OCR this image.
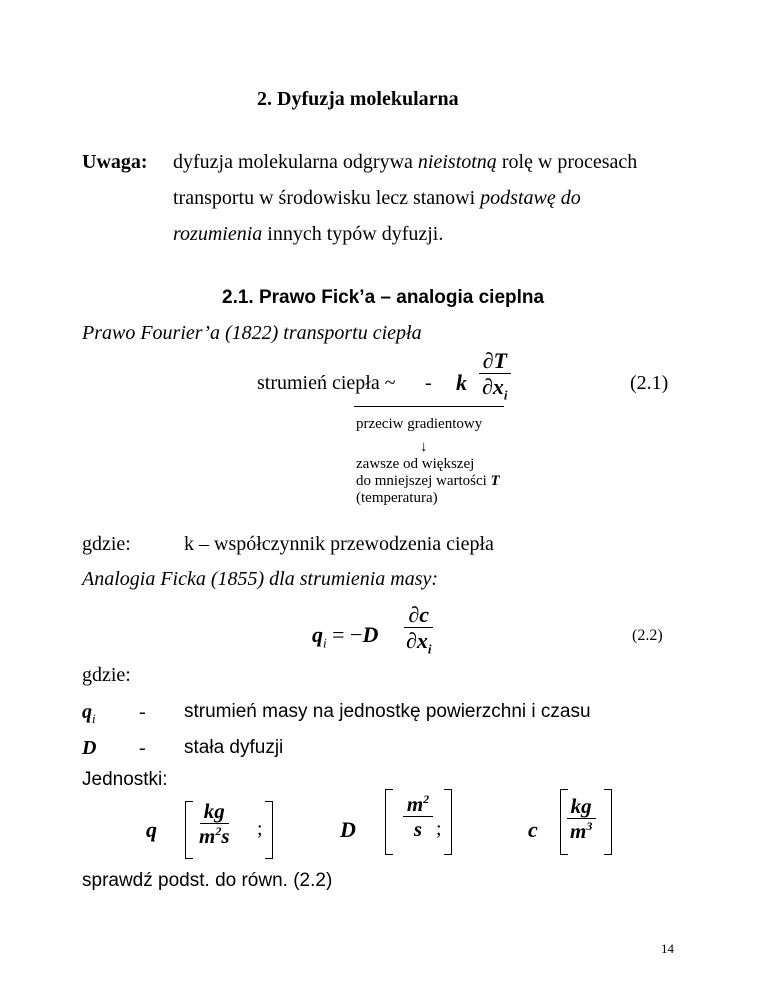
2. Dyfuzja molekularna
Uwaga: dyfuzja molekularna odgrywa nieistotną rolę w procesach
transportu w środowisku lecz stanowi podstawę do
rozumienia innych typów dyfuzji.
2.1. Prawo Fick’a – analogia cieplna
Prawo Fourier’a (1822) transportu ciepła
strumień ciepła ~ - k $\frac{\partial T}{\partial x_i}$	(2.1)
przeciw gradientowy
↓
zawsze od większej
do mniejszej wartości T
(temperatura)
gdzie:	k – współczynnik przewodzenia ciepła
Analogia Ficka (1855) dla strumienia masy:
$q_i = -D \frac{\partial c}{\partial x_i}$	(2.2)
gdzie:
$q_i$ - strumień masy na jednostkę powierzchni i czasu
D - stała dyfuzji
Jednostki:
q $\frac{kg}{m^2s}$ ;	D $\frac{m^2}{s}$
;	c $\frac{kg}{m^3}$
sprawdź podst. do równ. (2.2)
14
